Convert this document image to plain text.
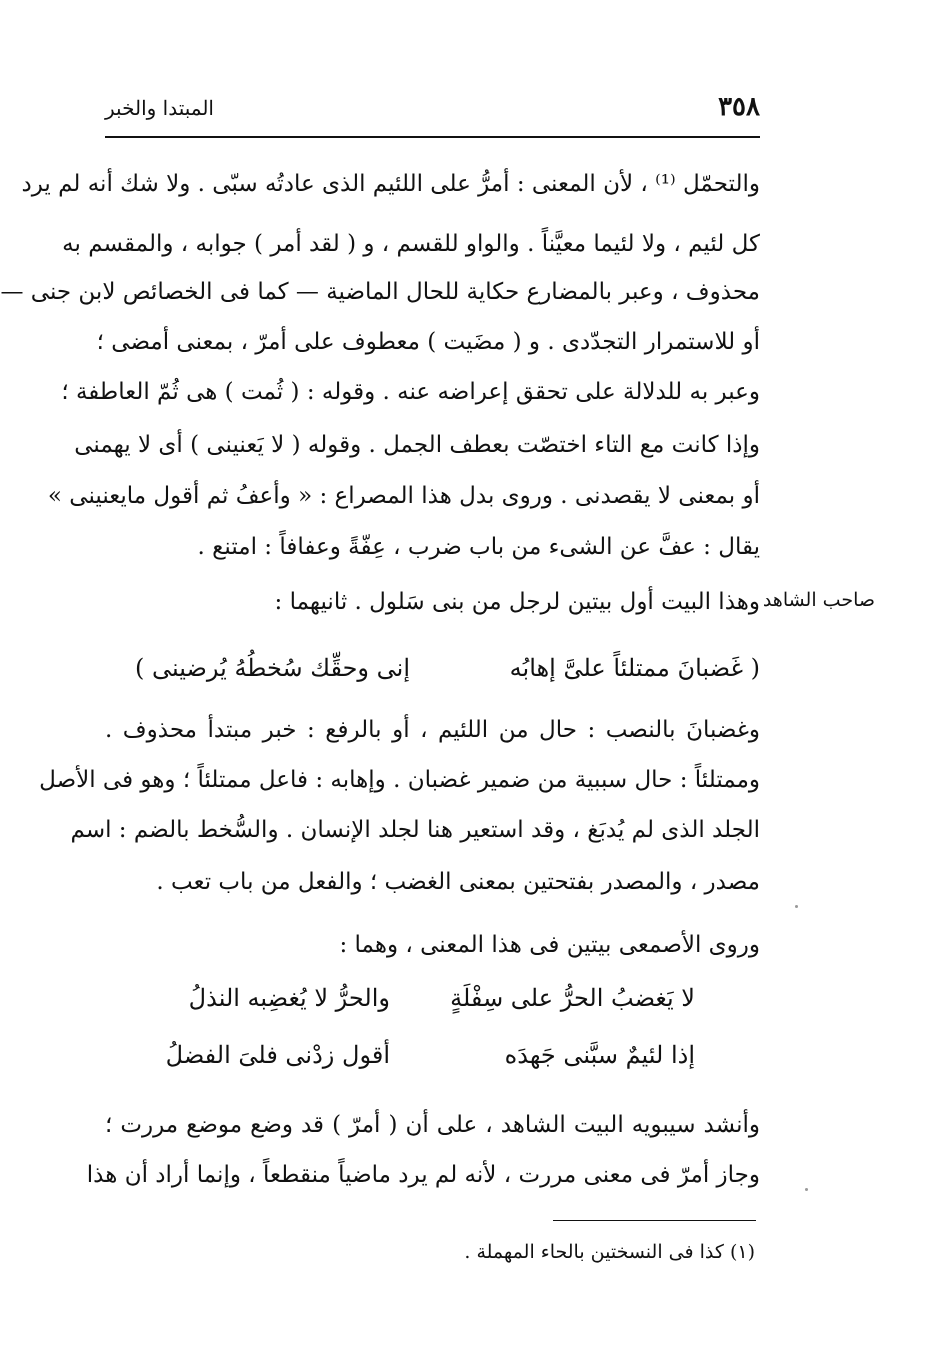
٣٥٨
المبتدا والخبر
والتحمّل ⁽¹⁾ ، لأن المعنى : أمرُّ على اللئيم الذى عادتُه سبّى . ولا شك أنه لم يرد
كل لئيم ، ولا لئيما معيَّناً . والواو للقسم ، و ( لقد أمر ) جوابه ، والمقسم به
محذوف ، وعبر بالمضارع حكاية للحال الماضية — كما فى الخصائص لابن جنى —
أو للاستمرار التجدّدى . و ( مضَيت ) معطوف على أمرّ ، بمعنى أمضى ؛
وعبر به للدلالة على تحقق إعراضه عنه . وقوله : ( ثُمت ) هى ثُمّ العاطفة ؛
وإذا كانت مع التاء اختصّت بعطف الجمل . وقوله ( لا يَعنينى ) أى لا يهمنى
أو بمعنى لا يقصدنى . وروى بدل هذا المصراع : « وأعفُ ثم أقول مايعنينى »
يقال : عفَّ عن الشىء من باب ضرب ، عِفّةً وعفافاً : امتنع .
صاحب الشاهد
وهذا البيت أول بيتين لرجل من بنى سَلول . ثانيهما :
( غَضبانَ ممتلئاً علىَّ إهابُه
إنى وحقِّك سُخطُهُ يُرضينى )
وغضبانَ بالنصب : حال من اللئيم ، أو بالرفع : خبر مبتدأ محذوف .
وممتلئاً : حال سببية من ضمير غضبان . وإهابه : فاعل ممتلئاً ؛ وهو فى الأصل
الجلد الذى لم يُدبَغ ، وقد استعير هنا لجلد الإنسان . والسُّخط بالضم : اسم
مصدر ، والمصدر بفتحتين بمعنى الغضب ؛ والفعل من باب تعب .
وروى الأصمعى بيتين فى هذا المعنى ، وهما :
لا يَغضبُ الحرُّ على سِفْلَةٍ
والحرُّ لا يُغضِبه النذلُ
إذا لئيمٌ سبَّنى جَهدَه
أقول زدْنى فلىَ الفضلُ
وأنشد سيبويه البيت الشاهد ، على أن ( أمرّ ) قد وضع موضع مررت ؛
وجاز أمرّ فى معنى مررت ، لأنه لم يرد ماضياً منقطعاً ، وإنما أراد أن هذا
(١) كذا فى النسختين بالحاء المهملة .
